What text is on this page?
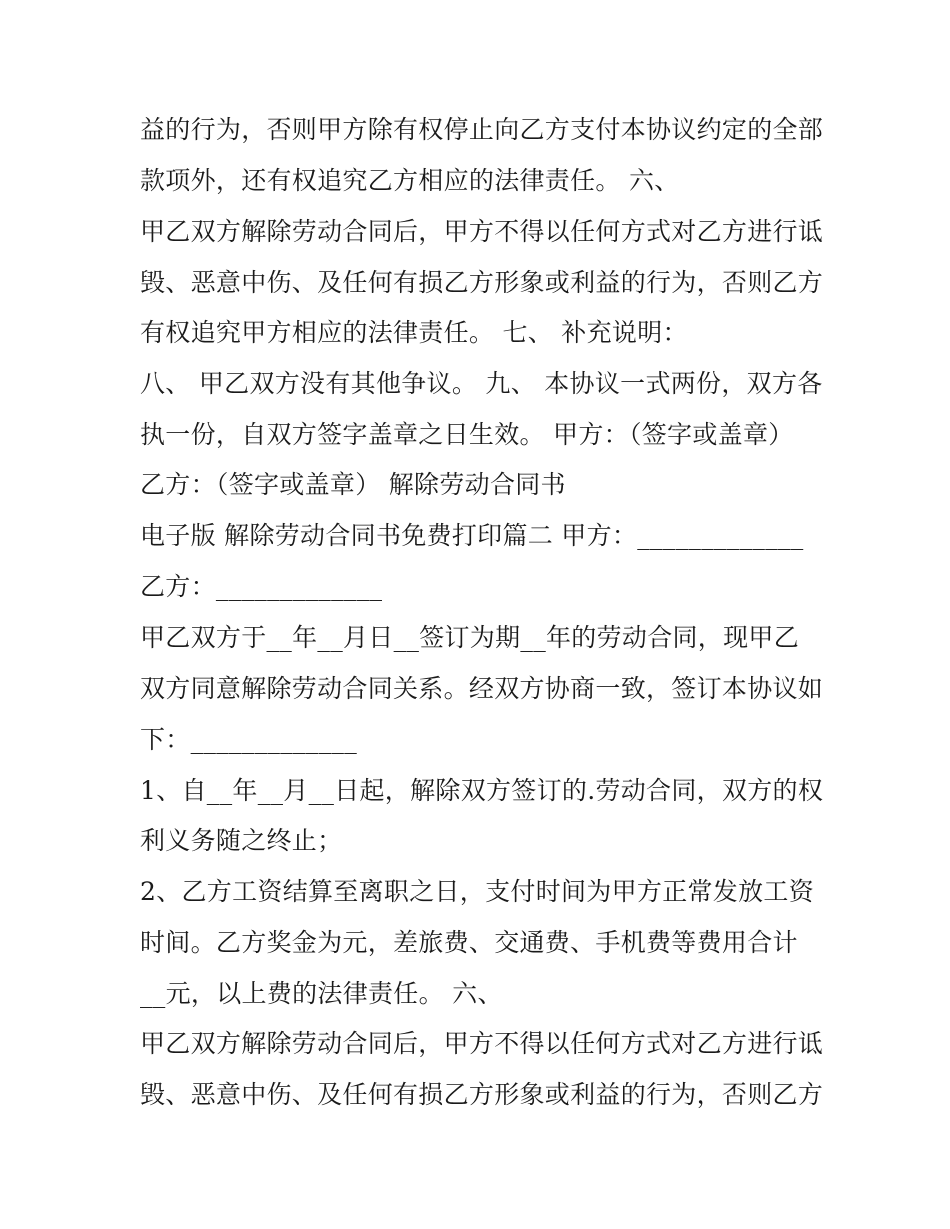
益的行为，否则甲方除有权停止向乙方支付本协议约定的全部
款项外，还有权追究乙方相应的法律责任。 六、
甲乙双方解除劳动合同后，甲方不得以任何方式对乙方进行诋
毁、恶意中伤、及任何有损乙方形象或利益的行为，否则乙方
有权追究甲方相应的法律责任。 七、 补充说明：
八、 甲乙双方没有其他争议。 九、 本协议一式两份，双方各
执一份，自双方签字盖章之日生效。 甲方：（签字或盖章）
乙方：（签字或盖章） 解除劳动合同书
电子版 解除劳动合同书免费打印篇二 甲方：_____________
乙方：_____________
甲乙双方于__年__月日__签订为期__年的劳动合同，现甲乙
双方同意解除劳动合同关系。经双方协商一致，签订本协议如
下：_____________
1、自__年__月__日起，解除双方签订的.劳动合同，双方的权
利义务随之终止；
2、乙方工资结算至离职之日，支付时间为甲方正常发放工资
时间。乙方奖金为元，差旅费、交通费、手机费等费用合计
__元，以上费的法律责任。 六、
甲乙双方解除劳动合同后，甲方不得以任何方式对乙方进行诋
毁、恶意中伤、及任何有损乙方形象或利益的行为，否则乙方
